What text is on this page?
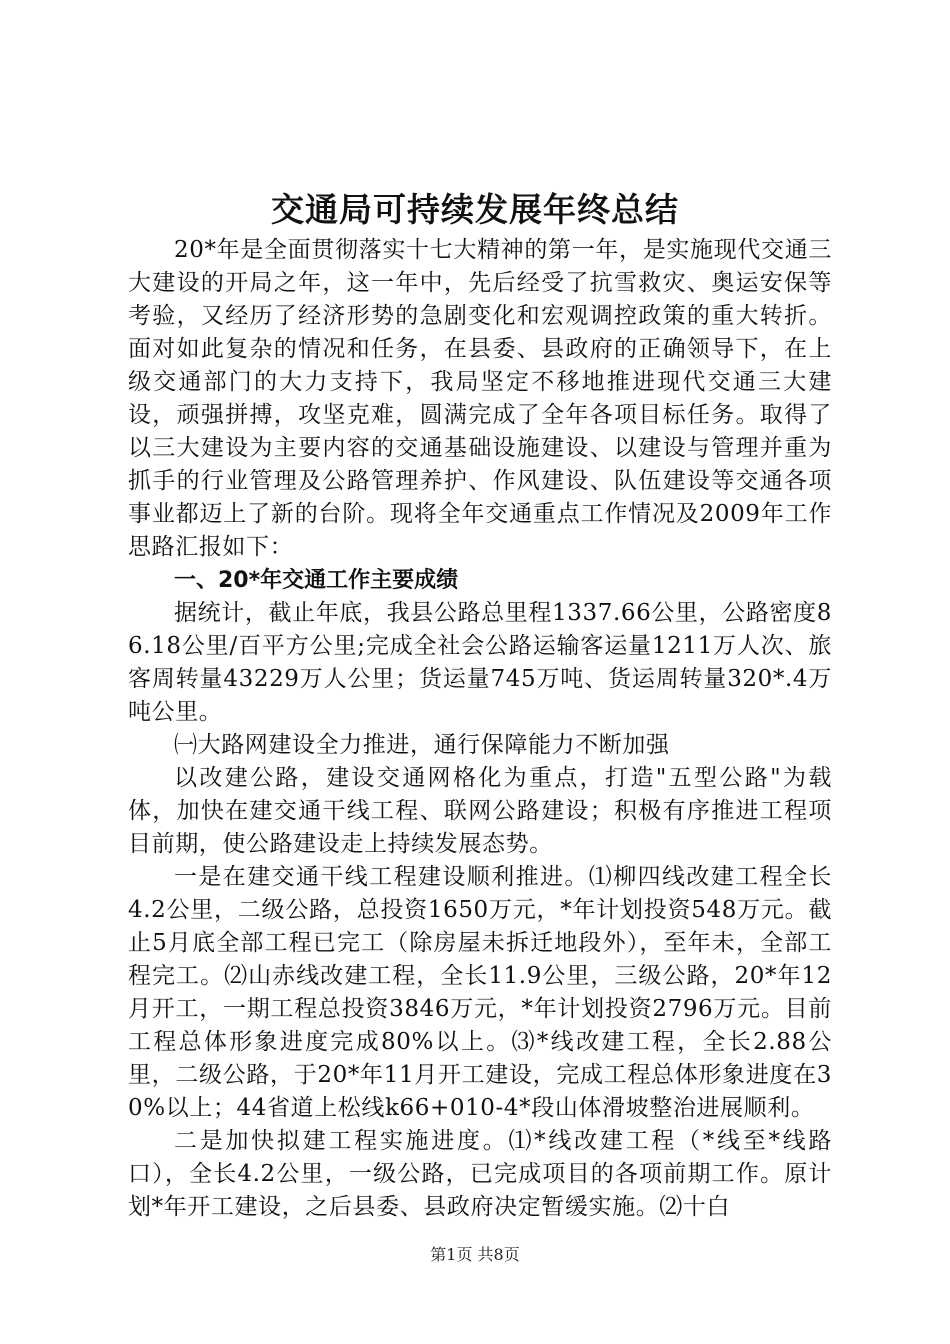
交通局可持续发展年终总结

20*年是全面贯彻落实十七大精神的第一年，是实施现代交通三大建设的开局之年，这一年中，先后经受了抗雪救灾、奥运安保等考验，又经历了经济形势的急剧变化和宏观调控政策的重大转折。面对如此复杂的情况和任务，在县委、县政府的正确领导下，在上级交通部门的大力支持下，我局坚定不移地推进现代交通三大建设，顽强拼搏，攻坚克难，圆满完成了全年各项目标任务。取得了以三大建设为主要内容的交通基础设施建设、以建设与管理并重为抓手的行业管理及公路管理养护、作风建设、队伍建设等交通各项事业都迈上了新的台阶。现将全年交通重点工作情况及2009年工作思路汇报如下：

一、20*年交通工作主要成绩

据统计，截止年底，我县公路总里程1337.66公里，公路密度86.18公里/百平方公里;完成全社会公路运输客运量1211万人次、旅客周转量43229万人公里；货运量745万吨、货运周转量320*.4万吨公里。

㈠大路网建设全力推进，通行保障能力不断加强

以改建公路，建设交通网格化为重点，打造"五型公路"为载体，加快在建交通干线工程、联网公路建设；积极有序推进工程项目前期，使公路建设走上持续发展态势。

一是在建交通干线工程建设顺利推进。⑴柳四线改建工程全长4.2公里，二级公路，总投资1650万元，*年计划投资548万元。截止5月底全部工程已完工（除房屋未拆迁地段外），至年未，全部工程完工。⑵山赤线改建工程，全长11.9公里，三级公路，20*年12月开工，一期工程总投资3846万元，*年计划投资2796万元。目前工程总体形象进度完成80%以上。⑶*线改建工程，全长2.88公里，二级公路，于20*年11月开工建设，完成工程总体形象进度在30%以上；44省道上松线k66+010-4*段山体滑坡整治进展顺利。

二是加快拟建工程实施进度。⑴*线改建工程（*线至*线路口），全长4.2公里，一级公路，已完成项目的各项前期工作。原计划*年开工建设，之后县委、县政府决定暂缓实施。⑵十白

第1页 共8页
